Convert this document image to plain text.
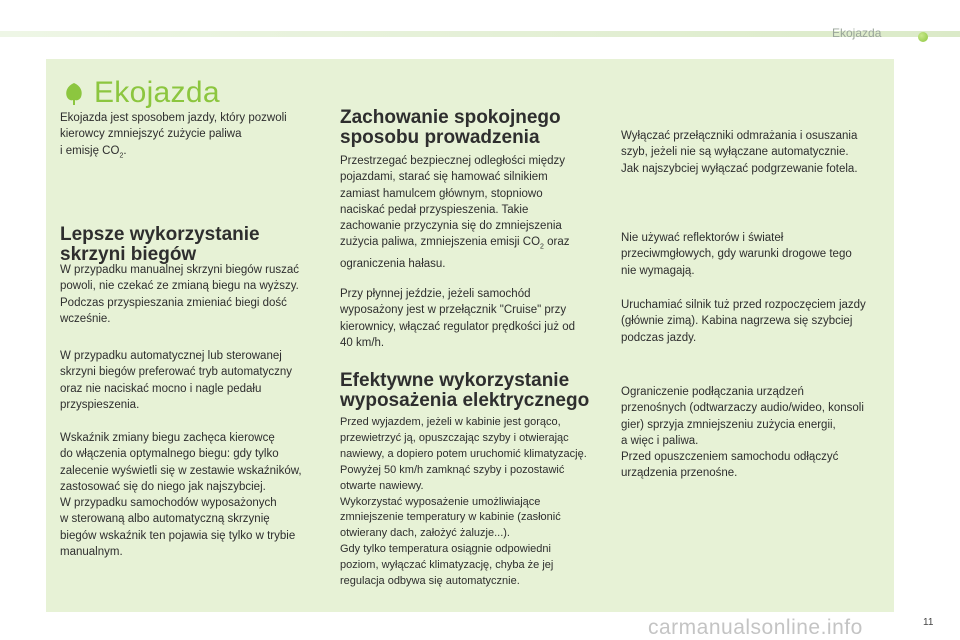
Ekojazda
Ekojazda

Ekojazda jest sposobem jazdy, który pozwoli
kierowcy zmniejszyć zużycie paliwa
i emisję $CO_2$.

Lepsze wykorzystanie
skrzyni biegów

W przypadku manualnej skrzyni biegów ruszać
powoli, nie czekać ze zmianą biegu na wyższy.
Podczas przyspieszania zmieniać biegi dość
wcześnie.

W przypadku automatycznej lub sterowanej
skrzyni biegów preferować tryb automatyczny
oraz nie naciskać mocno i nagle pedału
przyspieszenia.

Wskaźnik zmiany biegu zachęca kierowcę
do włączenia optymalnego biegu: gdy tylko
zalecenie wyświetli się w zestawie wskaźników,
zastosować się do niego jak najszybciej.
W przypadku samochodów wyposażonych
w sterowaną albo automatyczną skrzynię
biegów wskaźnik ten pojawia się tylko w trybie
manualnym.

Zachowanie spokojnego
sposobu prowadzenia

Przestrzegać bezpiecznej odległości między
pojazdami, starać się hamować silnikiem
zamiast hamulcem głównym, stopniowo
naciskać pedał przyspieszenia. Takie
zachowanie przyczynia się do zmniejszenia
zużycia paliwa, zmniejszenia emisji $CO_2$ oraz
ograniczenia hałasu.

Przy płynnej jeździe, jeżeli samochód
wyposażony jest w przełącznik "Cruise" przy
kierownicy, włączać regulator prędkości już od
40 km/h.

Efektywne wykorzystanie
wyposażenia elektrycznego

Przed wyjazdem, jeżeli w kabinie jest gorąco,
przewietrzyć ją, opuszczając szyby i otwierając
nawiewy, a dopiero potem uruchomić klimatyzację.
Powyżej 50 km/h zamknąć szyby i pozostawić
otwarte nawiewy.
Wykorzystać wyposażenie umożliwiające
zmniejszenie temperatury w kabinie (zasłonić
otwierany dach, założyć żaluzje...).
Gdy tylko temperatura osiągnie odpowiedni
poziom, wyłączać klimatyzację, chyba że jej
regulacja odbywa się automatycznie.

Wyłączać przełączniki odmrażania i osuszania
szyb, jeżeli nie są wyłączane automatycznie.
Jak najszybciej wyłączać podgrzewanie fotela.

Nie używać reflektorów i świateł
przeciwmgłowych, gdy warunki drogowe tego
nie wymagają.

Uruchamiać silnik tuż przed rozpoczęciem jazdy
(głównie zimą). Kabina nagrzewa się szybciej
podczas jazdy.

Ograniczenie podłączania urządzeń
przenośnych (odtwarzaczy audio/wideo, konsoli
gier) sprzyja zmniejszeniu zużycia energii,
a więc i paliwa.
Przed opuszczeniem samochodu odłączyć
urządzenia przenośne.

carmanualsonline.info	11
